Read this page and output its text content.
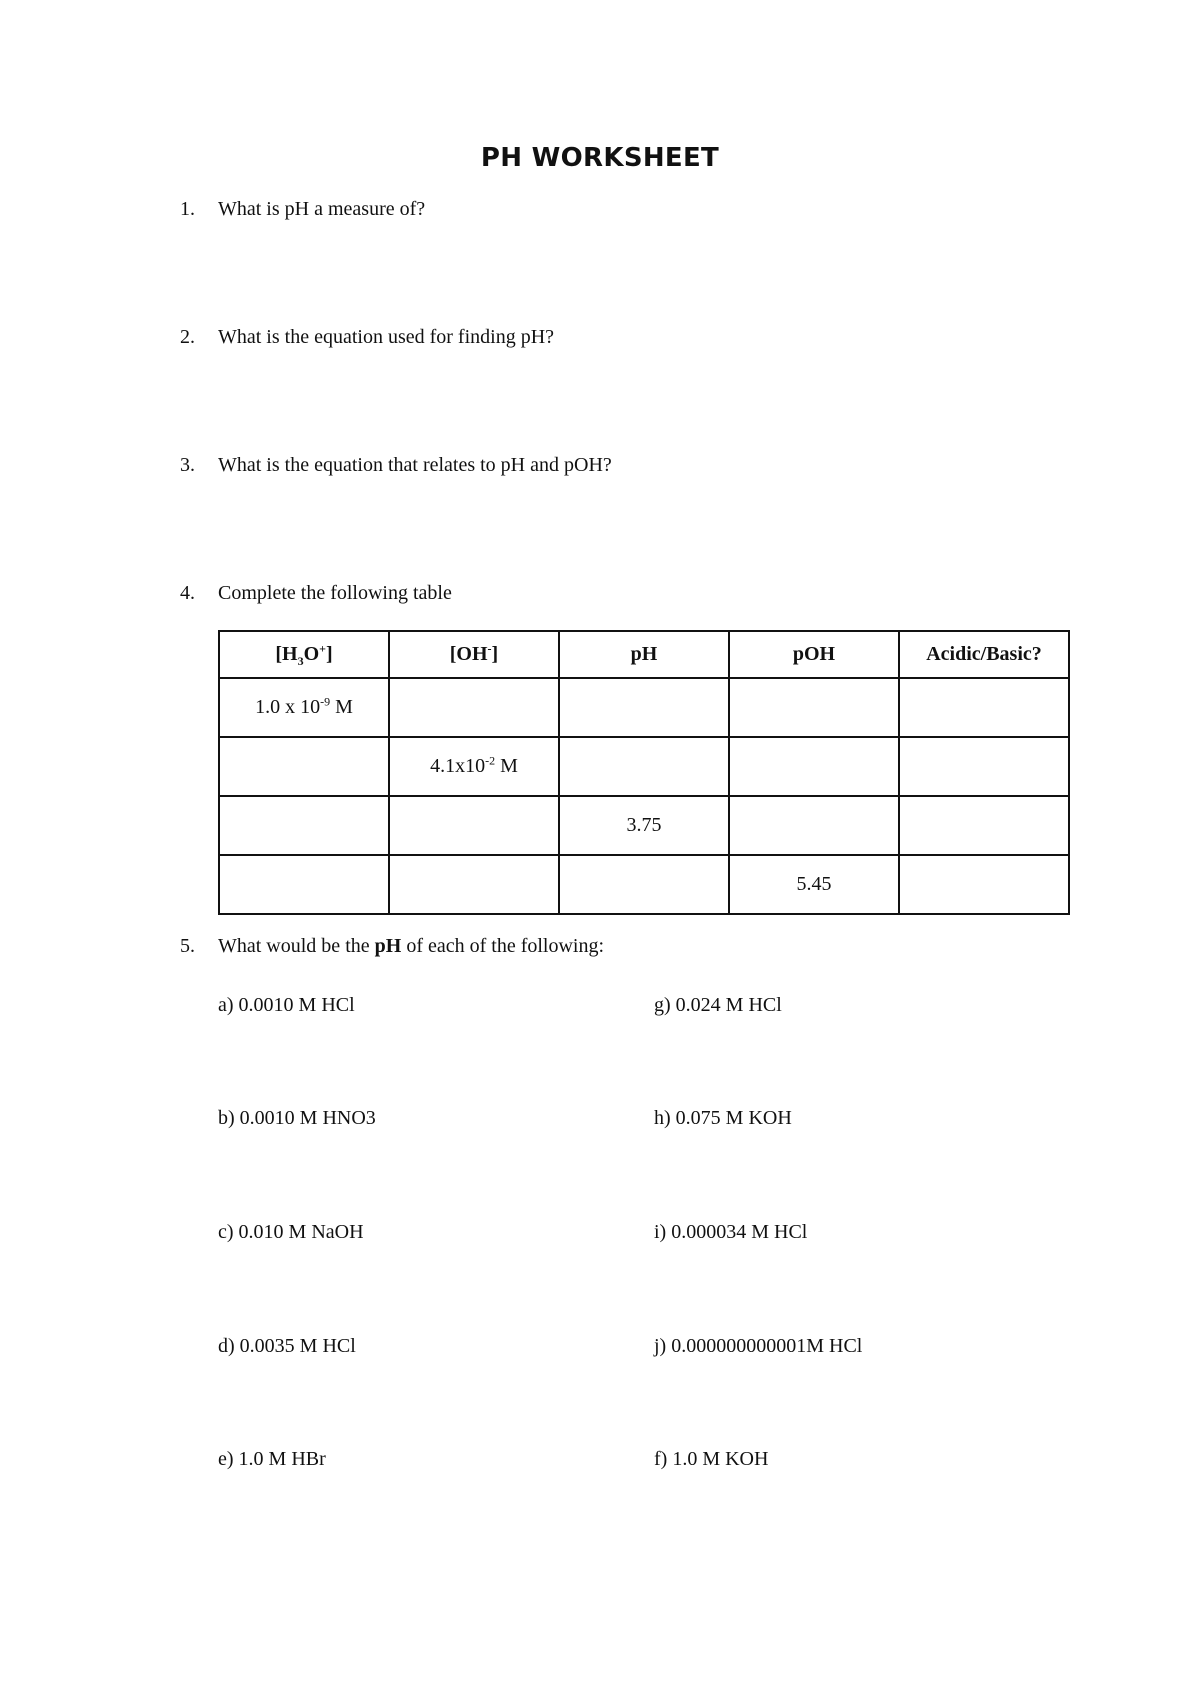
PH WORKSHEET
1. What is pH a measure of?
2. What is the equation used for finding pH?
3. What is the equation that relates to pH and pOH?
4. Complete the following table
$[H_3O^+]$	[OH-]	pH	pOH	Acidic/Basic?
1.0 x $10^{-9}$ M				
	$4.1x10^{-2}$ M			
		3.75		
			5.45	
5. What would be the pH of each of the following:
a) 0.0010 M HCl	g) 0.024 M HCl
b) 0.0010 M HNO3	h) 0.075 M KOH
c) 0.010 M NaOH	i) 0.000034 M HCl
d) 0.0035 M HCl	j) 0.000000000001M HCl
e) 1.0 M HBr	f) 1.0 M KOH
